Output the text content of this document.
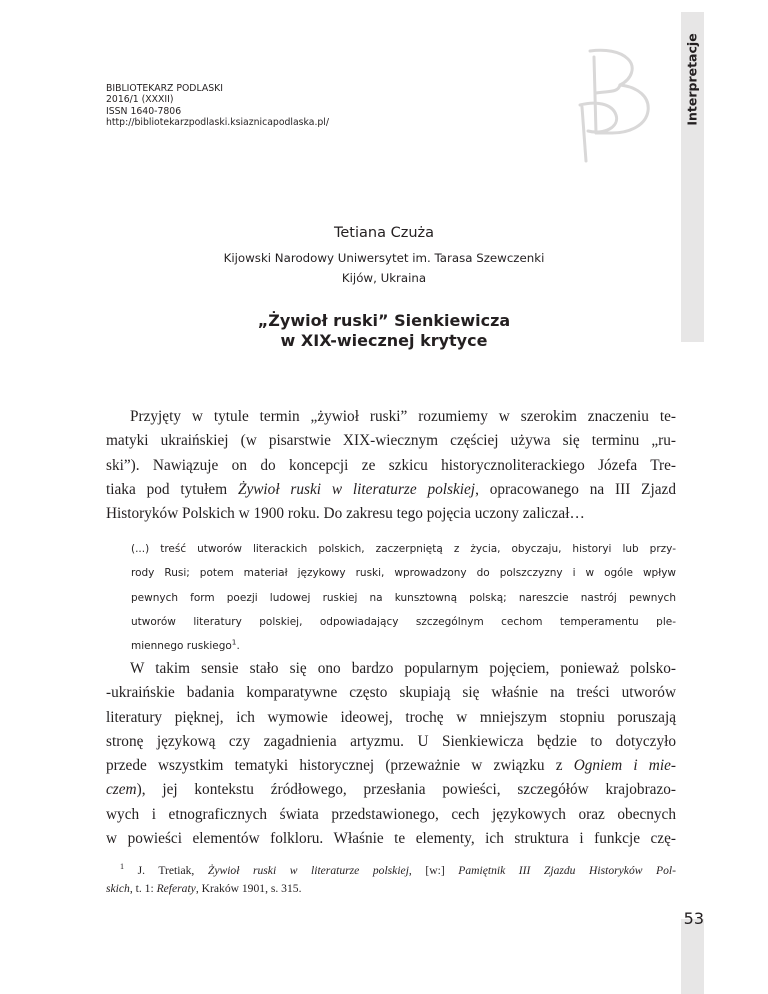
Interpretacje
BIBLIOTEKARZ PODLASKI
2016/1 (XXXII)
ISSN 1640-7806
http://bibliotekarzpodlaski.ksiaznicapodlaska.pl/
Tetiana Czuża
Kijowski Narodowy Uniwersytet im. Tarasa Szewczenki
Kijów, Ukraina
„Żywioł ruski” Sienkiewicza
w XIX-wiecznej krytyce
Przyjęty w tytule termin „żywioł ruski” rozumiemy w szerokim znaczeniu te-
matyki ukraińskiej (w pisarstwie XIX-wiecznym częściej używa się terminu „ru-
ski”). Nawiązuje on do koncepcji ze szkicu historycznoliterackiego Józefa Tre-
tiaka pod tytułem Żywioł ruski w literaturze polskiej, opracowanego na III Zjazd
Historyków Polskich w 1900 roku. Do zakresu tego pojęcia uczony zaliczał…
(...) treść utworów literackich polskich, zaczerpniętą z życia, obyczaju, historyi lub przy-
rody Rusi; potem materiał językowy ruski, wprowadzony do polszczyzny i w ogóle wpływ
pewnych form poezji ludowej ruskiej na kunsztowną polską; nareszcie nastrój pewnych
utworów literatury polskiej, odpowiadający szczególnym cechom temperamentu ple-
miennego ruskiego$^1$.
W takim sensie stało się ono bardzo popularnym pojęciem, ponieważ polsko-
-ukraińskie badania komparatywne często skupiają się właśnie na treści utworów
literatury pięknej, ich wymowie ideowej, trochę w mniejszym stopniu poruszają
stronę językową czy zagadnienia artyzmu. U Sienkiewicza będzie to dotyczyło
przede wszystkim tematyki historycznej (przeważnie w związku z Ogniem i mie-
czem), jej kontekstu źródłowego, przesłania powieści, szczegółów krajobrazo-
wych i etnograficznych świata przedstawionego, cech językowych oraz obecnych
w powieści elementów folkloru. Właśnie te elementy, ich struktura i funkcje czę-
$^1$ J. Tretiak, Żywioł ruski w literaturze polskiej, [w:] Pamiętnik III Zjazdu Historyków Pol-
skich, t. 1: Referaty, Kraków 1901, s. 315.
53
